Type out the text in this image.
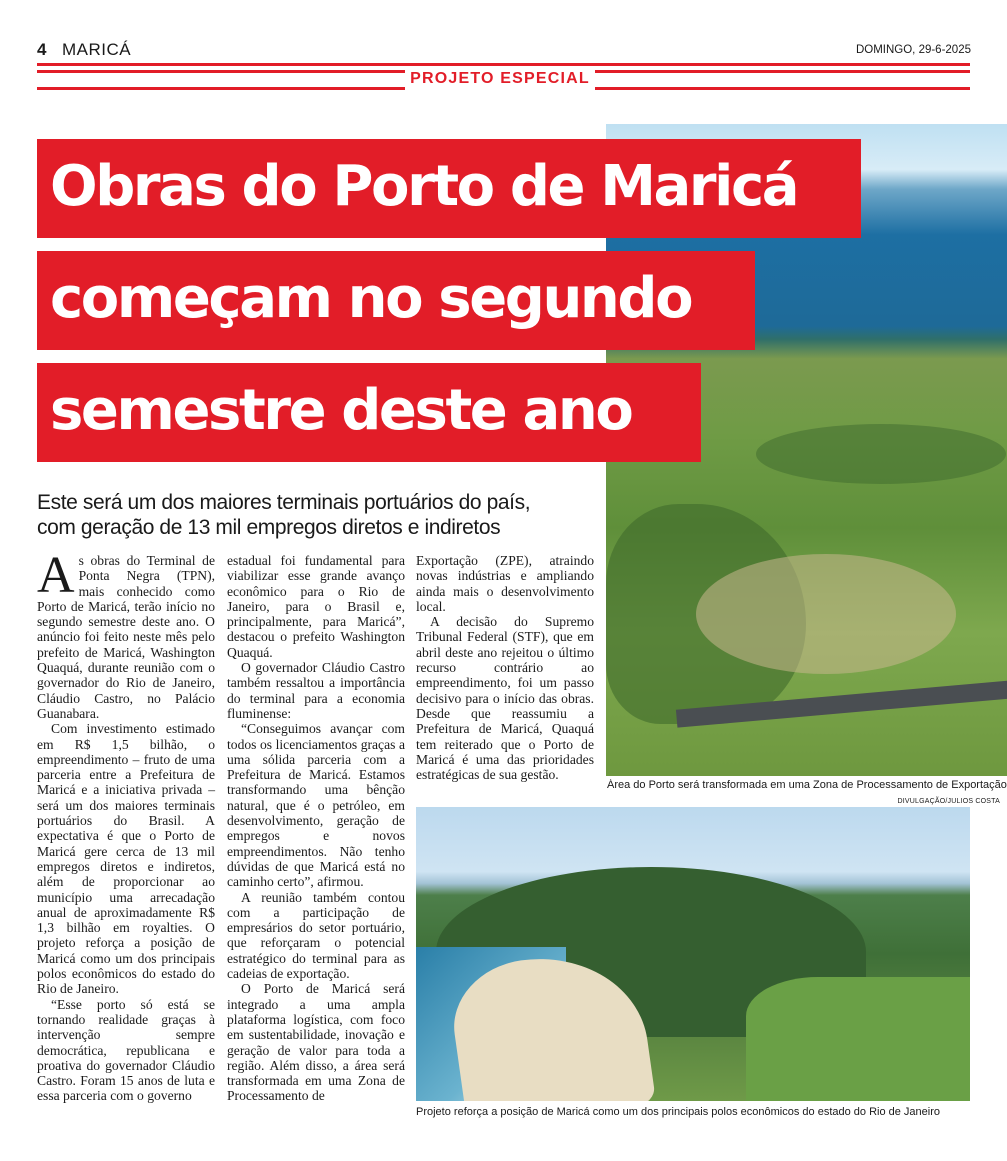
4 MARICÁ	DOMINGO, 29-6-2025
PROJETO ESPECIAL
Área do Porto será transformada em uma Zona de Processamento de Exportação
DIVULGAÇÃO/JULIOS COSTA
Obras do Porto de Maricá
começam no segundo
semestre deste ano
Este será um dos maiores terminais portuários do país,
com geração de 13 mil empregos diretos e indiretos
A s obras do Terminal de Ponta Negra (TPN), mais conhecido como Porto de Maricá, terão início no segundo semestre deste ano. O anúncio foi feito neste mês pelo prefeito de Maricá, Washington Quaquá, durante reunião com o governador do Rio de Janeiro, Cláudio Castro, no Palácio Guanabara.

Com investimento estimado em R$ 1,5 bilhão, o empreendimento – fruto de uma parceria entre a Prefeitura de Maricá e a iniciativa privada – será um dos maiores terminais portuários do Brasil. A expectativa é que o Porto de Maricá gere cerca de 13 mil empregos diretos e indiretos, além de proporcionar ao município uma arrecadação anual de aproximadamente R$ 1,3 bilhão em royalties. O projeto reforça a posição de Maricá como um dos principais polos econômicos do estado do Rio de Janeiro.

“Esse porto só está se tornando realidade graças à intervenção sempre democrática, republicana e proativa do governador Cláudio Castro. Foram 15 anos de luta e essa parceria com o governo

estadual foi fundamental para viabilizar esse grande avanço econômico para o Rio de Janeiro, para o Brasil e, principalmente, para Maricá”, destacou o prefeito Washington Quaquá.

O governador Cláudio Castro também ressaltou a importância do terminal para a economia fluminense:

“Conseguimos avançar com todos os licenciamentos graças a uma sólida parceria com a Prefeitura de Maricá. Estamos transformando uma bênção natural, que é o petróleo, em desenvolvimento, geração de empregos e novos empreendimentos. Não tenho dúvidas de que Maricá está no caminho certo”, afirmou.

A reunião também contou com a participação de empresários do setor portuário, que reforçaram o potencial estratégico do terminal para as cadeias de exportação.

O Porto de Maricá será integrado a uma ampla plataforma logística, com foco em sustentabilidade, inovação e geração de valor para toda a região. Além disso, a área será transformada em uma Zona de Processamento de

Exportação (ZPE), atraindo novas indústrias e ampliando ainda mais o desenvolvimento local.

A decisão do Supremo Tribunal Federal (STF), que em abril deste ano rejeitou o último recurso contrário ao empreendimento, foi um passo decisivo para o início das obras. Desde que reassumiu a Prefeitura de Maricá, Quaquá tem reiterado que o Porto de Maricá é uma das prioridades estratégicas de sua gestão.

Projeto reforça a posição de Maricá como um dos principais polos econômicos do estado do Rio de Janeiro
